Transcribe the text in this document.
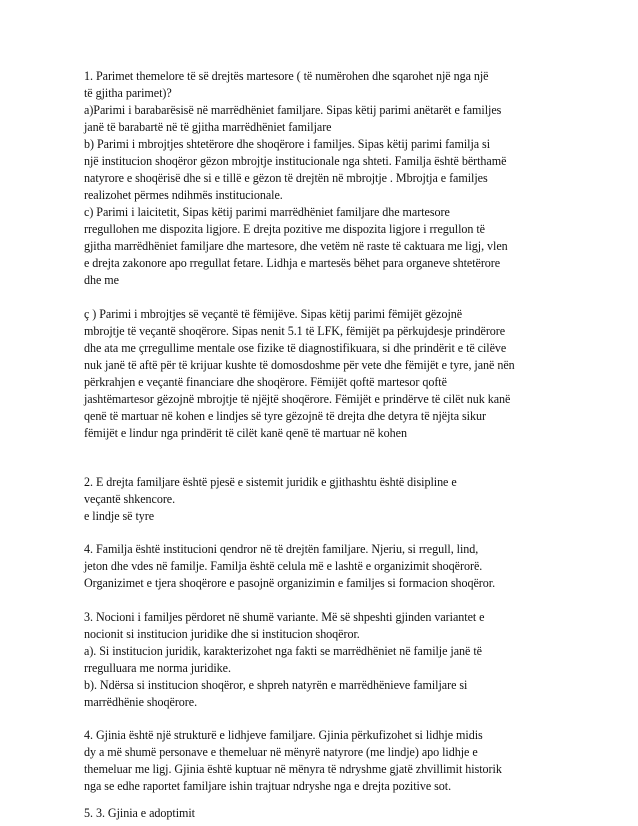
1. Parimet themelore të së drejtës martesore ( të numërohen dhe sqarohet një nga një
të gjitha parimet)?
a)Parimi i barabarësisë në marrëdhëniet familjare. Sipas këtij parimi anëtarët e familjes
janë të barabartë në të gjitha marrëdhëniet familjare
b) Parimi i mbrojtjes shtetërore dhe shoqërore i familjes. Sipas këtij parimi familja si
një institucion shoqëror gëzon mbrojtje institucionale nga shteti. Familja është bërthamë
natyrore e shoqërisë dhe si e tillë e gëzon të drejtën në mbrojtje . Mbrojtja e familjes
realizohet përmes ndihmës institucionale.
c) Parimi i laicitetit, Sipas këtij parimi marrëdhëniet familjare dhe martesore
rregullohen me dispozita ligjore. E drejta pozitive me dispozita ligjore i rregullon të
gjitha marrëdhëniet familjare dhe martesore, dhe vetëm në raste të caktuara me ligj, vlen
e drejta zakonore apo rregullat fetare. Lidhja e martesës bëhet para organeve shtetërore
dhe me
ç ) Parimi i mbrojtjes së veçantë të fëmijëve. Sipas këtij parimi fëmijët gëzojnë
mbrojtje të veçantë shoqërore. Sipas nenit 5.1 të LFK, fëmijët pa përkujdesje prindërore
dhe ata me çrregullime mentale ose fizike të diagnostifikuara, si dhe prindërit e të cilëve
nuk janë të aftë për të krijuar kushte të domosdoshme për vete dhe fëmijët e tyre, janë nën
përkrahjen e veçantë financiare dhe shoqërore. Fëmijët qoftë martesor qoftë
jashtëmartesor gëzojnë mbrojtje të njëjtë shoqërore. Fëmijët e prindërve të cilët nuk kanë
qenë të martuar në kohen e lindjes së tyre gëzojnë të drejta dhe detyra të njëjta sikur
fëmijët e lindur nga prindërit të cilët kanë qenë të martuar në kohen
2. E drejta familjare është pjesë e sistemit juridik e gjithashtu është disipline e
veçantë shkencore.
e lindje së tyre
4. Familja është institucioni qendror në të drejtën familjare. Njeriu, si rregull, lind,
jeton dhe vdes në familje. Familja është celula më e lashtë e organizimit shoqërorë.
Organizimet e tjera shoqërore e pasojnë organizimin e familjes si formacion shoqëror.
3. Nocioni i familjes përdoret në shumë variante. Më së shpeshti gjinden variantet e
nocionit si institucion juridike dhe si institucion shoqëror.
a). Si institucion juridik, karakterizohet nga fakti se marrëdhëniet në familje janë të
rregulluara me norma juridike.
b). Ndërsa si institucion shoqëror, e shpreh natyrën e marrëdhënieve familjare si
marrëdhënie shoqërore.
4. Gjinia është një strukturë e lidhjeve familjare. Gjinia përkufizohet si lidhje midis
dy a më shumë personave e themeluar në mënyrë natyrore (me lindje) apo lidhje e
themeluar me ligj. Gjinia është kuptuar në mënyra të ndryshme gjatë zhvillimit historik
nga se edhe raportet familjare ishin trajtuar ndryshe nga e drejta pozitive sot.
5. 3. Gjinia e adoptimit
